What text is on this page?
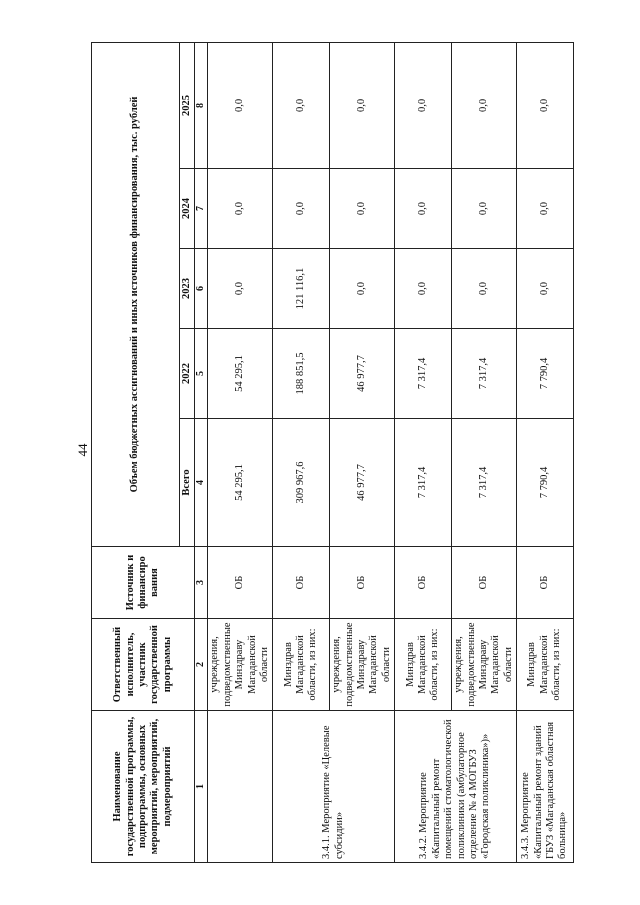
44
Наименование государственной программы, подпрограммы, основных мероприятий, мероприятий, подмероприятий	Ответственный исполнитель, участник государственной программы	Источник и финансиро вания	Объем бюджетных ассигнований и иных источников финансирования, тыс. рублей				
			Всего	2022	2023	2024	2025
1	2	3	4	5	6	7	8
	учреждения, подведомственные Минздраву Магаданской области	ОБ	54 295,1	54 295,1	0,0	0,0	0,0
3.4.1. Мероприятие «Целевые субсидии»	Минздрав Магаданской области, из них:	ОБ	309 967,6	188 851,5	121 116,1	0,0	0,0
	учреждения, подведомственные Минздраву Магаданской области	ОБ	46 977,7	46 977,7	0,0	0,0	0,0
3.4.2. Мероприятие «Капитальный ремонт помещений стоматологической поликлиники (амбулаторное отделение № 4 МОГБУЗ «Городская поликлиника»)»	Минздрав Магаданской области, из них:	ОБ	7 317,4	7 317,4	0,0	0,0	0,0
	учреждения, подведомственные Минздраву Магаданской области	ОБ	7 317,4	7 317,4	0,0	0,0	0,0
3.4.3. Мероприятие «Капитальный ремонт зданий ГБУЗ «Магаданская областная больница»	Минздрав Магаданской области, из них:	ОБ	7 790,4	7 790,4	0,0	0,0	0,0
